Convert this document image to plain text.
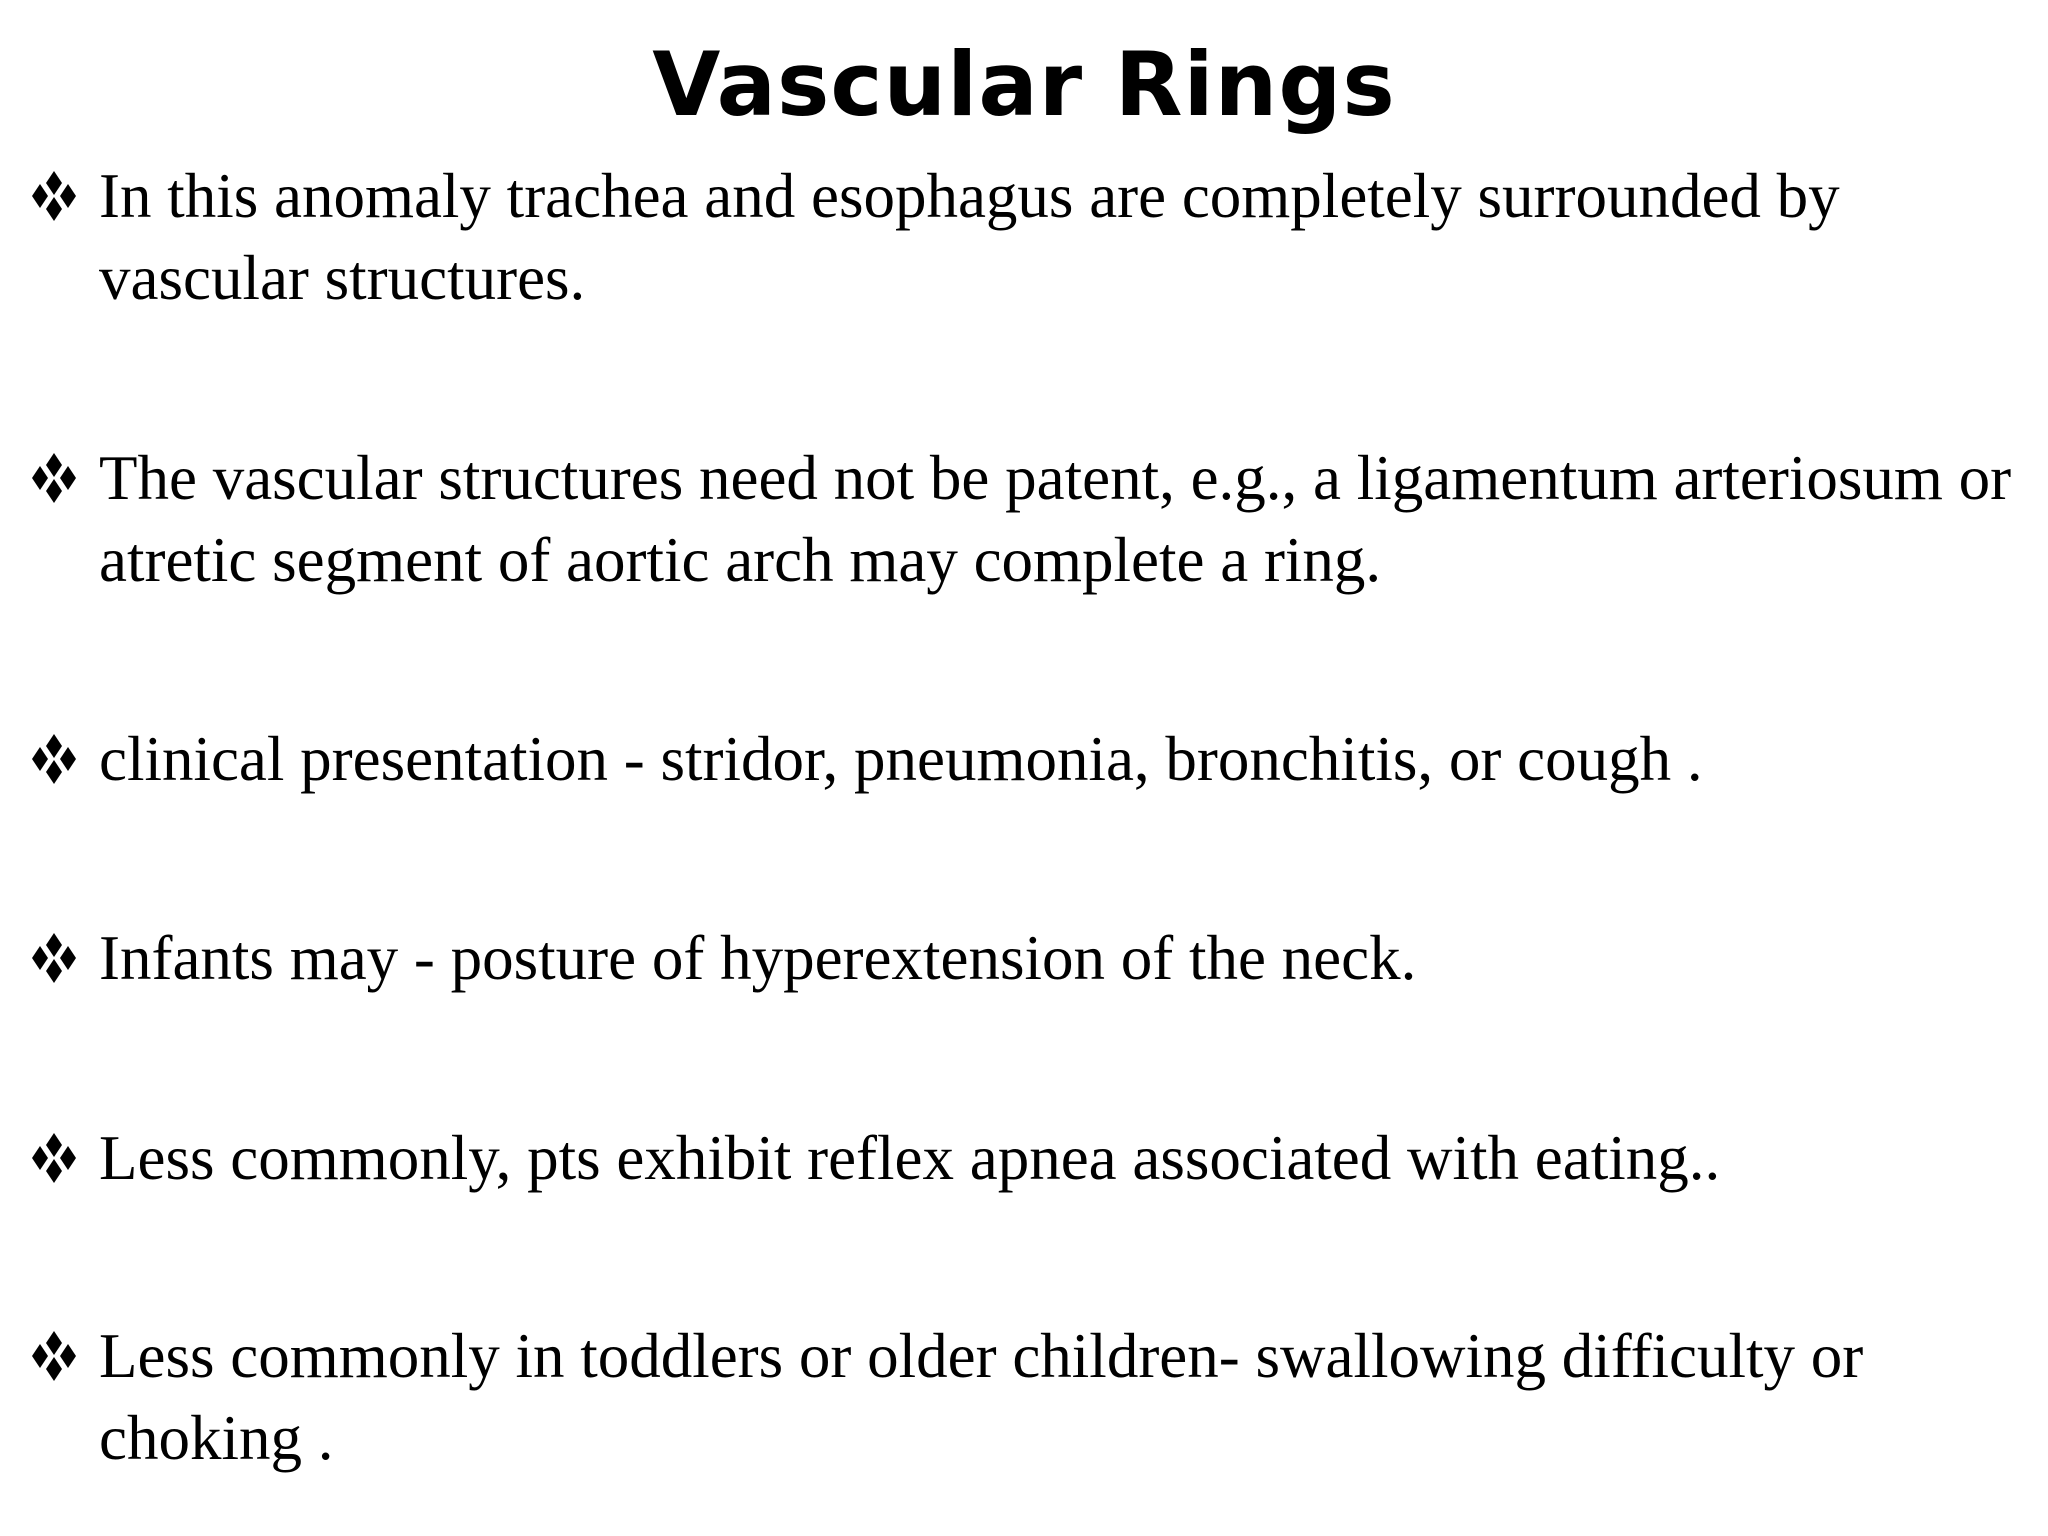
Vascular Rings
In this anomaly trachea and esophagus are completely surrounded by vascular structures.
The vascular structures need not be patent, e.g., a ligamentum arteriosum or atretic segment of aortic arch may complete a ring.
clinical presentation - stridor, pneumonia, bronchitis, or cough .
Infants may - posture of hyperextension of the neck.
Less commonly, pts exhibit reflex apnea associated with eating..
Less commonly in toddlers or older children- swallowing difficulty or choking .
